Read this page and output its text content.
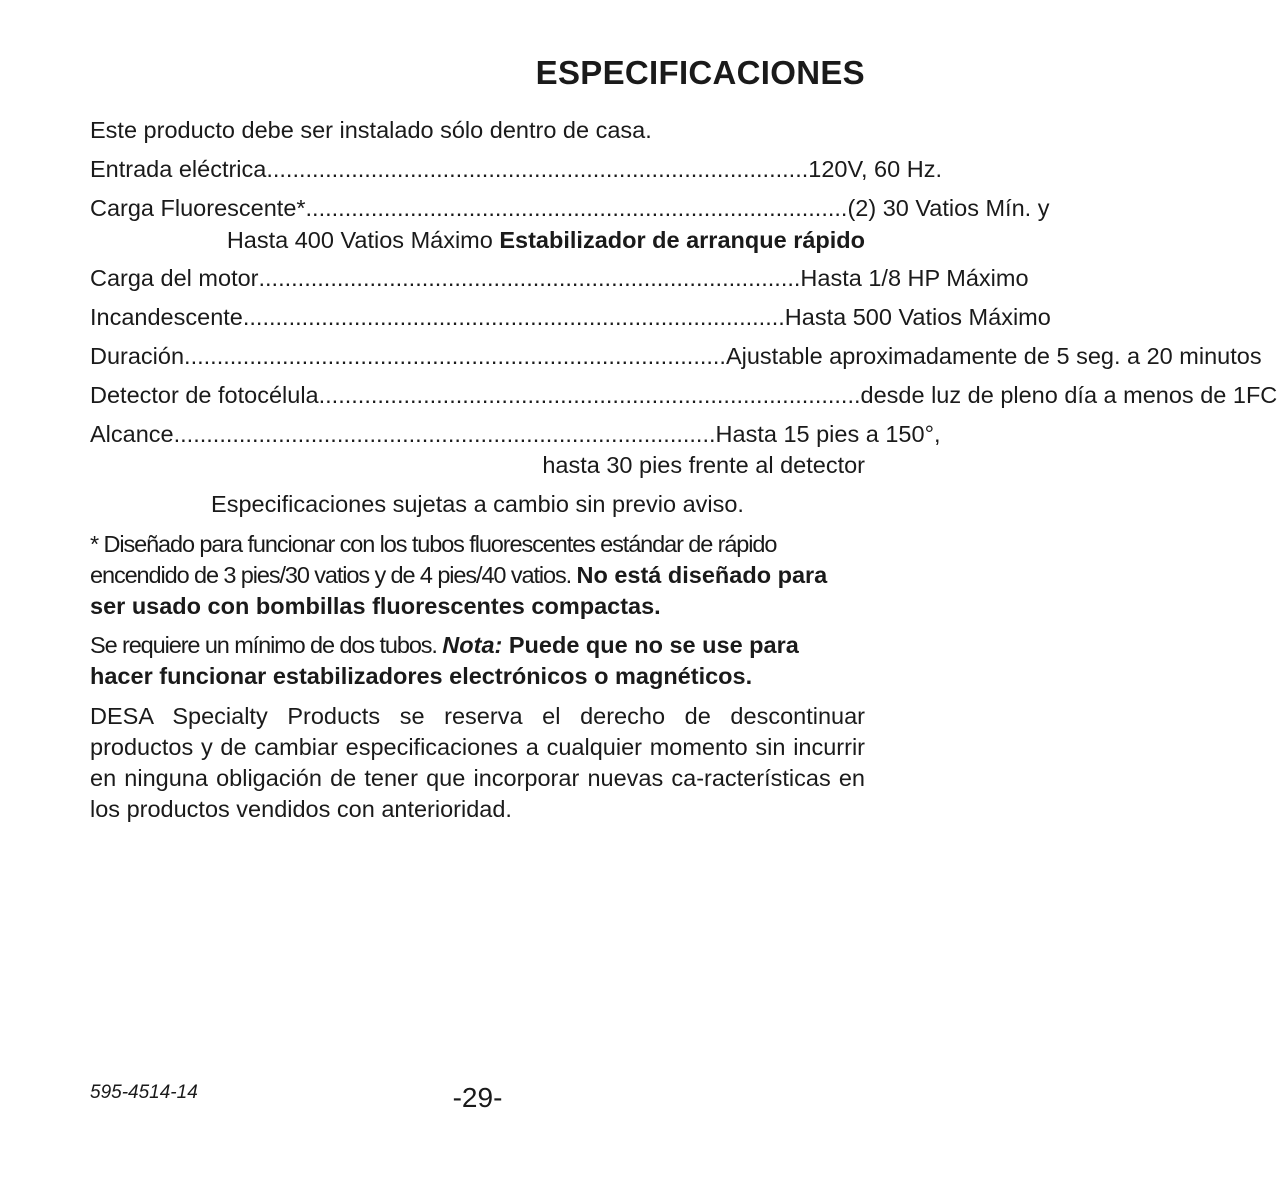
ESPECIFICACIONES
Este producto debe ser instalado sólo dentro de casa.
Entrada eléctrica ................................................................................... 120V, 60 Hz.
Carga Fluorescente* ................................................................................... (2) 30 Vatios Mín. y
Hasta 400 Vatios Máximo Estabilizador de arranque rápido
Carga del motor ................................................................................... Hasta 1/8 HP Máximo
Incandescente ................................................................................... Hasta 500 Vatios Máximo
Duración ................................................................................... Ajustable aproximadamente de 5 seg. a 20 minutos
Detector de fotocélula ................................................................................... desde luz de pleno día a menos de 1FC
Alcance ................................................................................... Hasta 15 pies a 150°,
hasta 30 pies frente al detector
Especificaciones sujetas a cambio sin previo aviso.
* Diseñado para funcionar con los tubos fluorescentes estándar de rápido encendido de 3 pies/30 vatios y de 4 pies/40 vatios. No está diseñado para ser usado con bombillas fluorescentes compactas.
Se requiere un mínimo de dos tubos. Nota: Puede que no se use para hacer funcionar estabilizadores electrónicos o magnéticos.
DESA Specialty Products se reserva el derecho de descontinuar productos y de cambiar especificaciones a cualquier momento sin incurrir en ninguna obligación de tener que incorporar nuevas ca-racterísticas en los productos vendidos con anterioridad.
595-4514-14	-29-
